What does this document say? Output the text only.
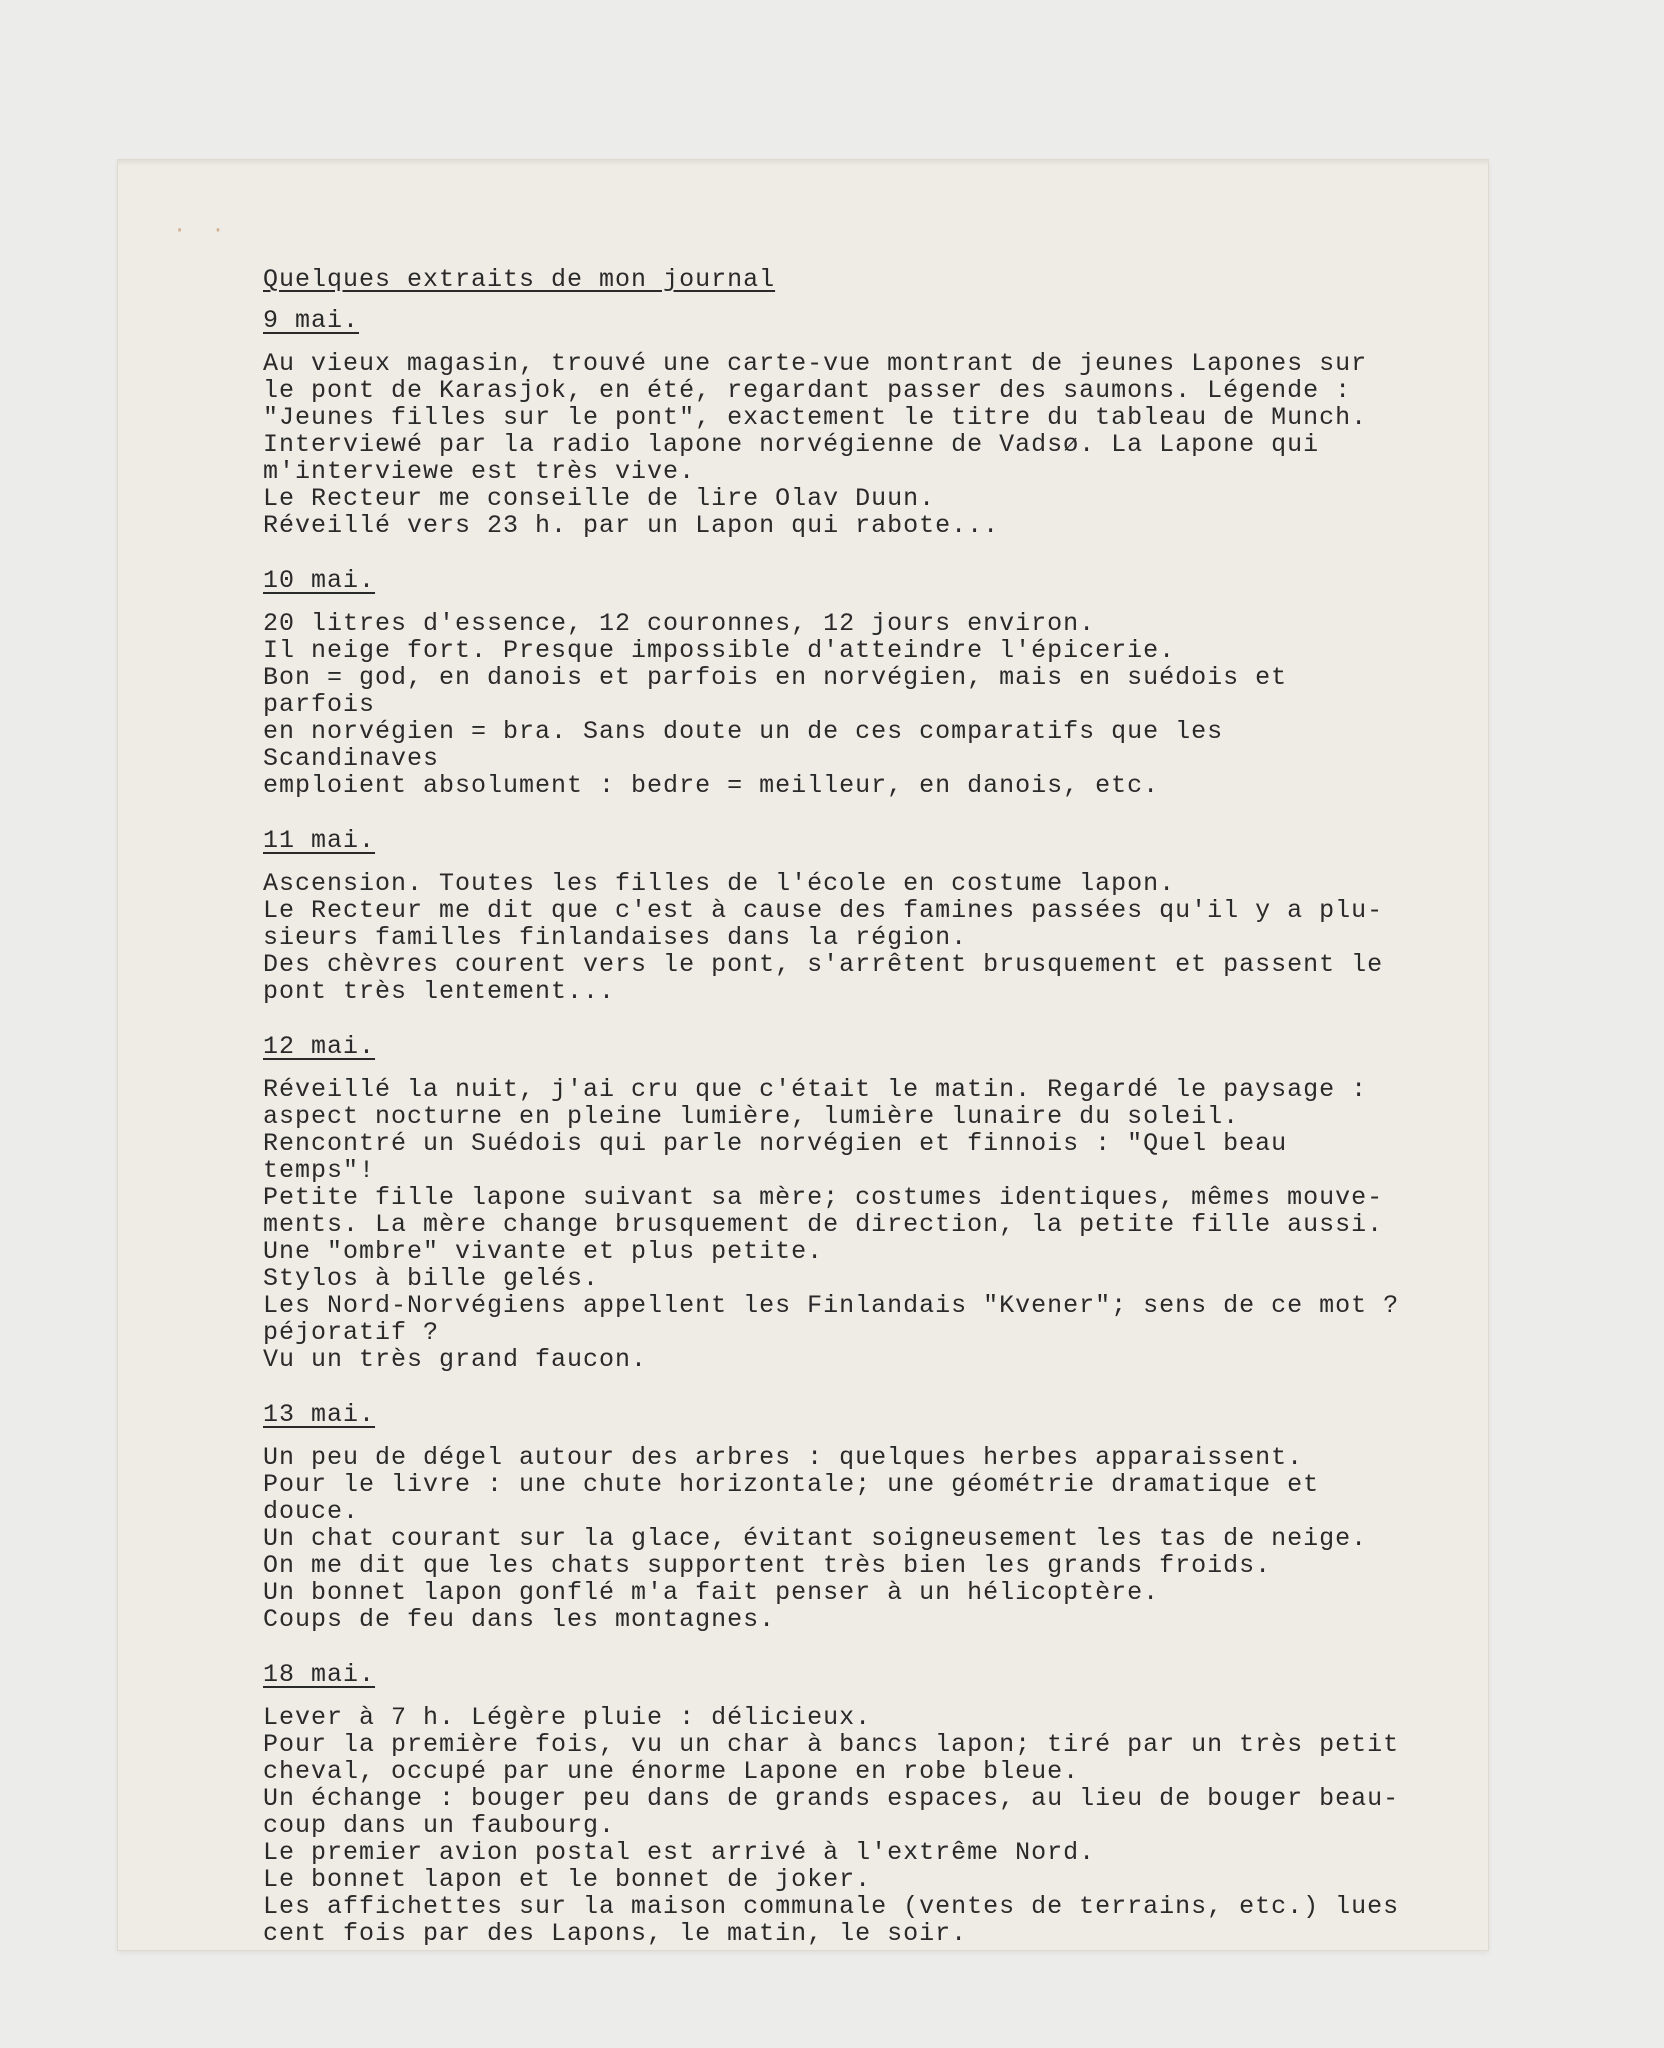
· ·
Quelques extraits de mon journal
9 mai.
Au vieux magasin, trouvé une carte-vue montrant de jeunes Lapones sur
le pont de Karasjok, en été, regardant passer des saumons. Légende :
"Jeunes filles sur le pont", exactement le titre du tableau de Munch.
Interviewé par la radio lapone norvégienne de Vadsø. La Lapone qui
m'interviewe est très vive.
Le Recteur me conseille de lire Olav Duun.
Réveillé vers 23 h. par un Lapon qui rabote...
10 mai.
20 litres d'essence, 12 couronnes, 12 jours environ.
Il neige fort. Presque impossible d'atteindre l'épicerie.
Bon = god, en danois et parfois en norvégien, mais en suédois et parfois
en norvégien = bra. Sans doute un de ces comparatifs que les Scandinaves
emploient absolument : bedre = meilleur, en danois, etc.
11 mai.
Ascension. Toutes les filles de l'école en costume lapon.
Le Recteur me dit que c'est à cause des famines passées qu'il y a plu-
sieurs familles finlandaises dans la région.
Des chèvres courent vers le pont, s'arrêtent brusquement et passent le
pont très lentement...
12 mai.
Réveillé la nuit, j'ai cru que c'était le matin. Regardé le paysage :
aspect nocturne en pleine lumière, lumière lunaire du soleil.
Rencontré un Suédois qui parle norvégien et finnois : "Quel beau temps"!
Petite fille lapone suivant sa mère; costumes identiques, mêmes mouve-
ments. La mère change brusquement de direction, la petite fille aussi.
Une "ombre" vivante et plus petite.
Stylos à bille gelés.
Les Nord-Norvégiens appellent les Finlandais "Kvener"; sens de ce mot ?
péjoratif ?
Vu un très grand faucon.
13 mai.
Un peu de dégel autour des arbres : quelques herbes apparaissent.
Pour le livre : une chute horizontale; une géométrie dramatique et
douce.
Un chat courant sur la glace, évitant soigneusement les tas de neige.
On me dit que les chats supportent très bien les grands froids.
Un bonnet lapon gonflé m'a fait penser à un hélicoptère.
Coups de feu dans les montagnes.
18 mai.
Lever à 7 h. Légère pluie : délicieux.
Pour la première fois, vu un char à bancs lapon; tiré par un très petit
cheval, occupé par une énorme Lapone en robe bleue.
Un échange : bouger peu dans de grands espaces, au lieu de bouger beau-
coup dans un faubourg.
Le premier avion postal est arrivé à l'extrême Nord.
Le bonnet lapon et le bonnet de joker.
Les affichettes sur la maison communale (ventes de terrains, etc.) lues
cent fois par des Lapons, le matin, le soir.
